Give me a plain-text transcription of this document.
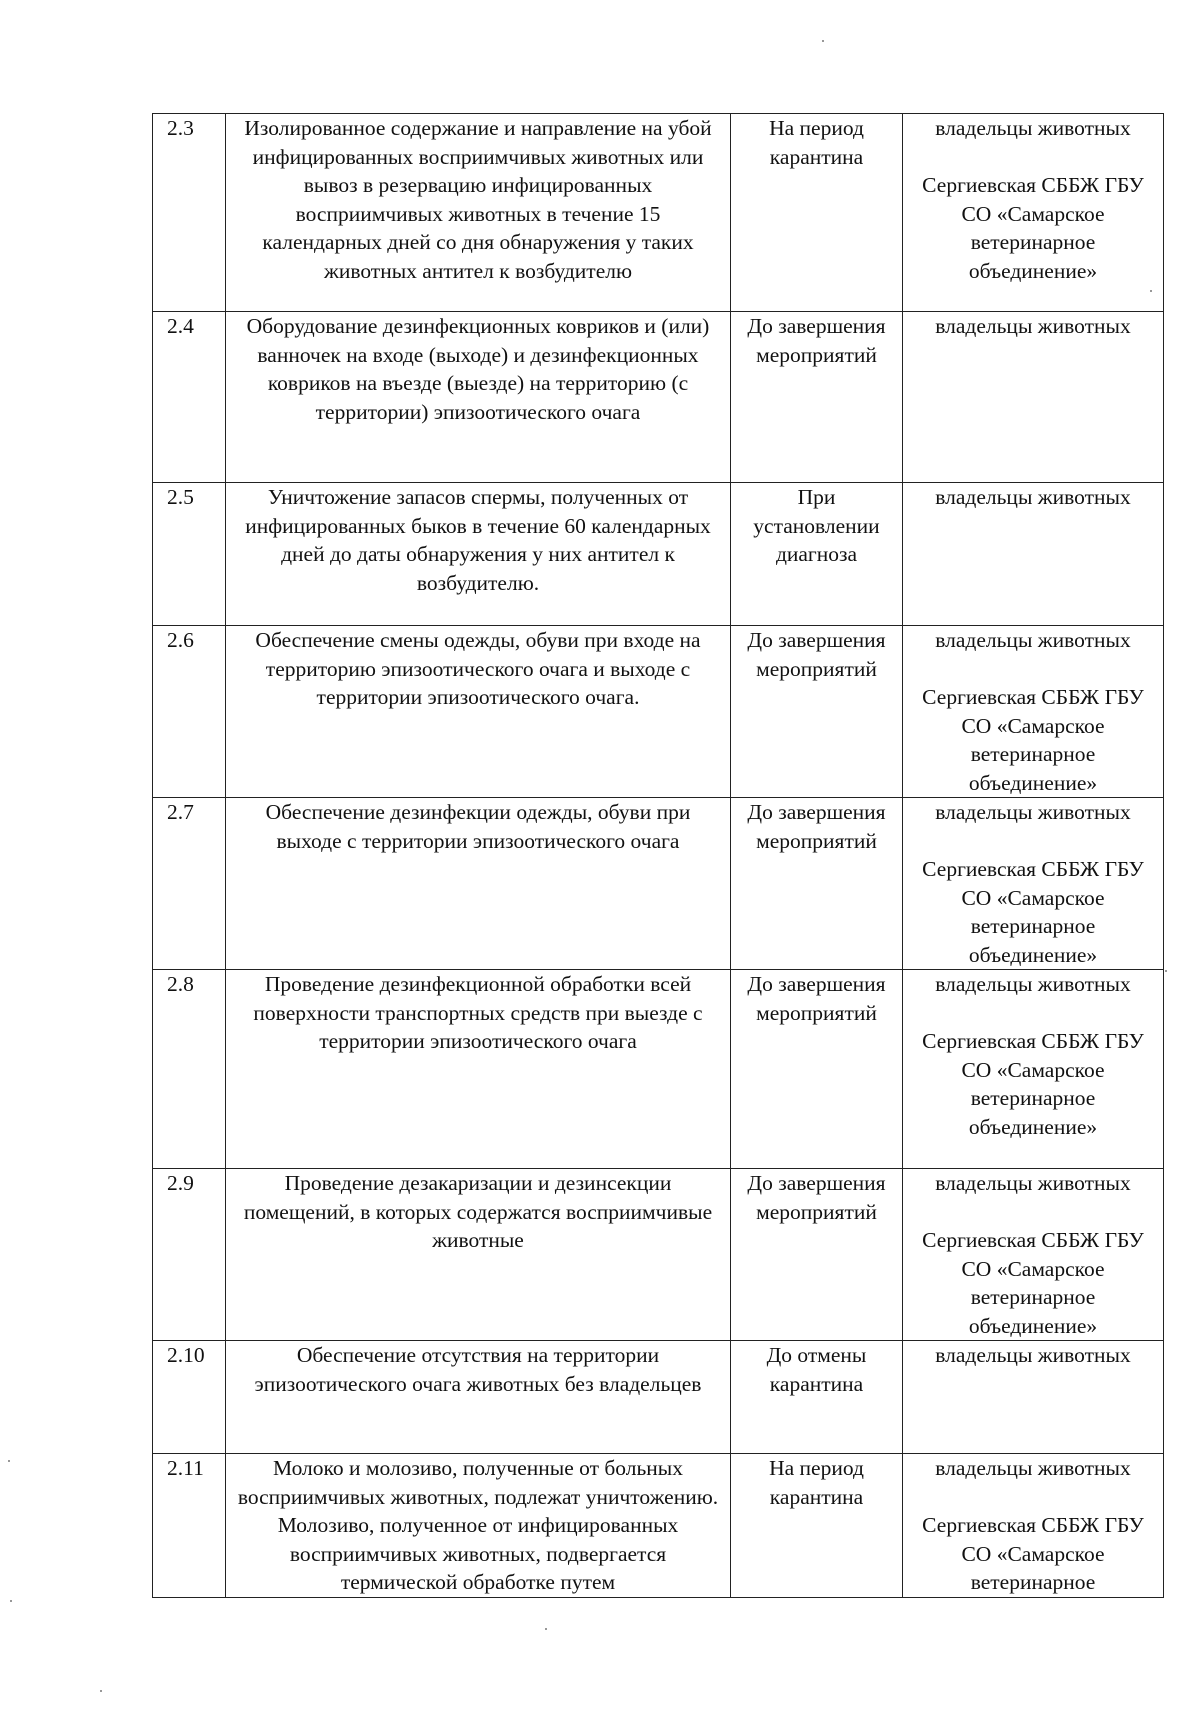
2.3	Изолированное содержание и направление на убой инфицированных восприимчивых животных или вывоз в резервацию инфицированных восприимчивых животных в течение 15 календарных дней со дня обнаружения у таких животных антител к возбудителю	На период карантина	владельцы животных
Сергиевская СББЖ ГБУ СО «Самарское ветеринарное объединение»

2.4	Оборудование дезинфекционных ковриков и (или) ванночек на входе (выходе) и дезинфекционных ковриков на въезде (выезде) на территорию (с территории) эпизоотического очага	До завершения мероприятий	владельцы животных

2.5	Уничтожение запасов спермы, полученных от инфицированных быков в течение 60 календарных дней до даты обнаружения у них антител к возбудителю.	При установлении диагноза	владельцы животных

2.6	Обеспечение смены одежды, обуви при входе на территорию эпизоотического очага и выходе с территории эпизоотического очага.	До завершения мероприятий	владельцы животных
Сергиевская СББЖ ГБУ СО «Самарское ветеринарное объединение»

2.7	Обеспечение дезинфекции одежды, обуви при выходе с территории эпизоотического очага	До завершения мероприятий	владельцы животных
Сергиевская СББЖ ГБУ СО «Самарское ветеринарное объединение»

2.8	Проведение дезинфекционной обработки всей поверхности транспортных средств при выезде с территории эпизоотического очага	До завершения мероприятий	владельцы животных
Сергиевская СББЖ ГБУ СО «Самарское ветеринарное объединение»

2.9	Проведение дезакаризации и дезинсекции помещений, в которых содержатся восприимчивые животные	До завершения мероприятий	владельцы животных
Сергиевская СББЖ ГБУ СО «Самарское ветеринарное объединение»

2.10	Обеспечение отсутствия на территории эпизоотического очага животных без владельцев	До отмены карантина	владельцы животных

2.11	Молоко и молозиво, полученные от больных восприимчивых животных, подлежат уничтожению. Молозиво, полученное от инфицированных восприимчивых животных, подвергается термической обработке путем	На период карантина	владельцы животных
Сергиевская СББЖ ГБУ СО «Самарское ветеринарное
